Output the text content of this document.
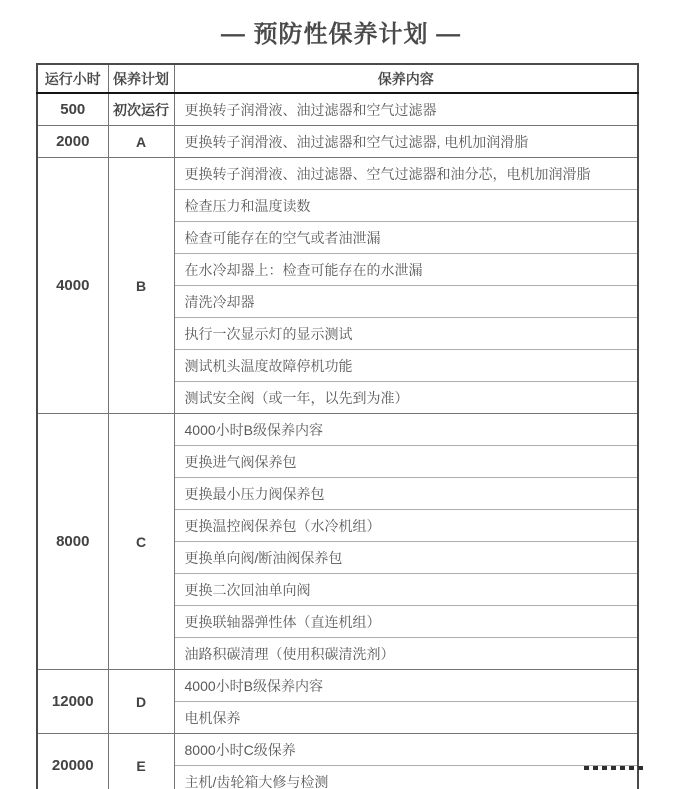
— 预防性保养计划 —
运行小时	保养计划	保养内容
500	初次运行	更换转子润滑液、油过滤器和空气过滤器
2000	A	更换转子润滑液、油过滤器和空气过滤器, 电机加润滑脂
4000	B	更换转子润滑液、油过滤器、空气过滤器和油分芯，电机加润滑脂
		检查压力和温度读数
		检查可能存在的空气或者油泄漏
		在水冷却器上：检查可能存在的水泄漏
		清洗冷却器
		执行一次显示灯的显示测试
		测试机头温度故障停机功能
		测试安全阀（或一年，以先到为准）
8000	C	4000小时B级保养内容
		更换进气阀保养包
		更换最小压力阀保养包
		更换温控阀保养包（水冷机组）
		更换单向阀/断油阀保养包
		更换二次回油单向阀
		更换联轴器弹性体（直连机组）
		油路积碳清理（使用积碳清洗剂）
12000	D	4000小时B级保养内容
		电机保养
20000	E	8000小时C级保养
		主机/齿轮箱大修与检测
